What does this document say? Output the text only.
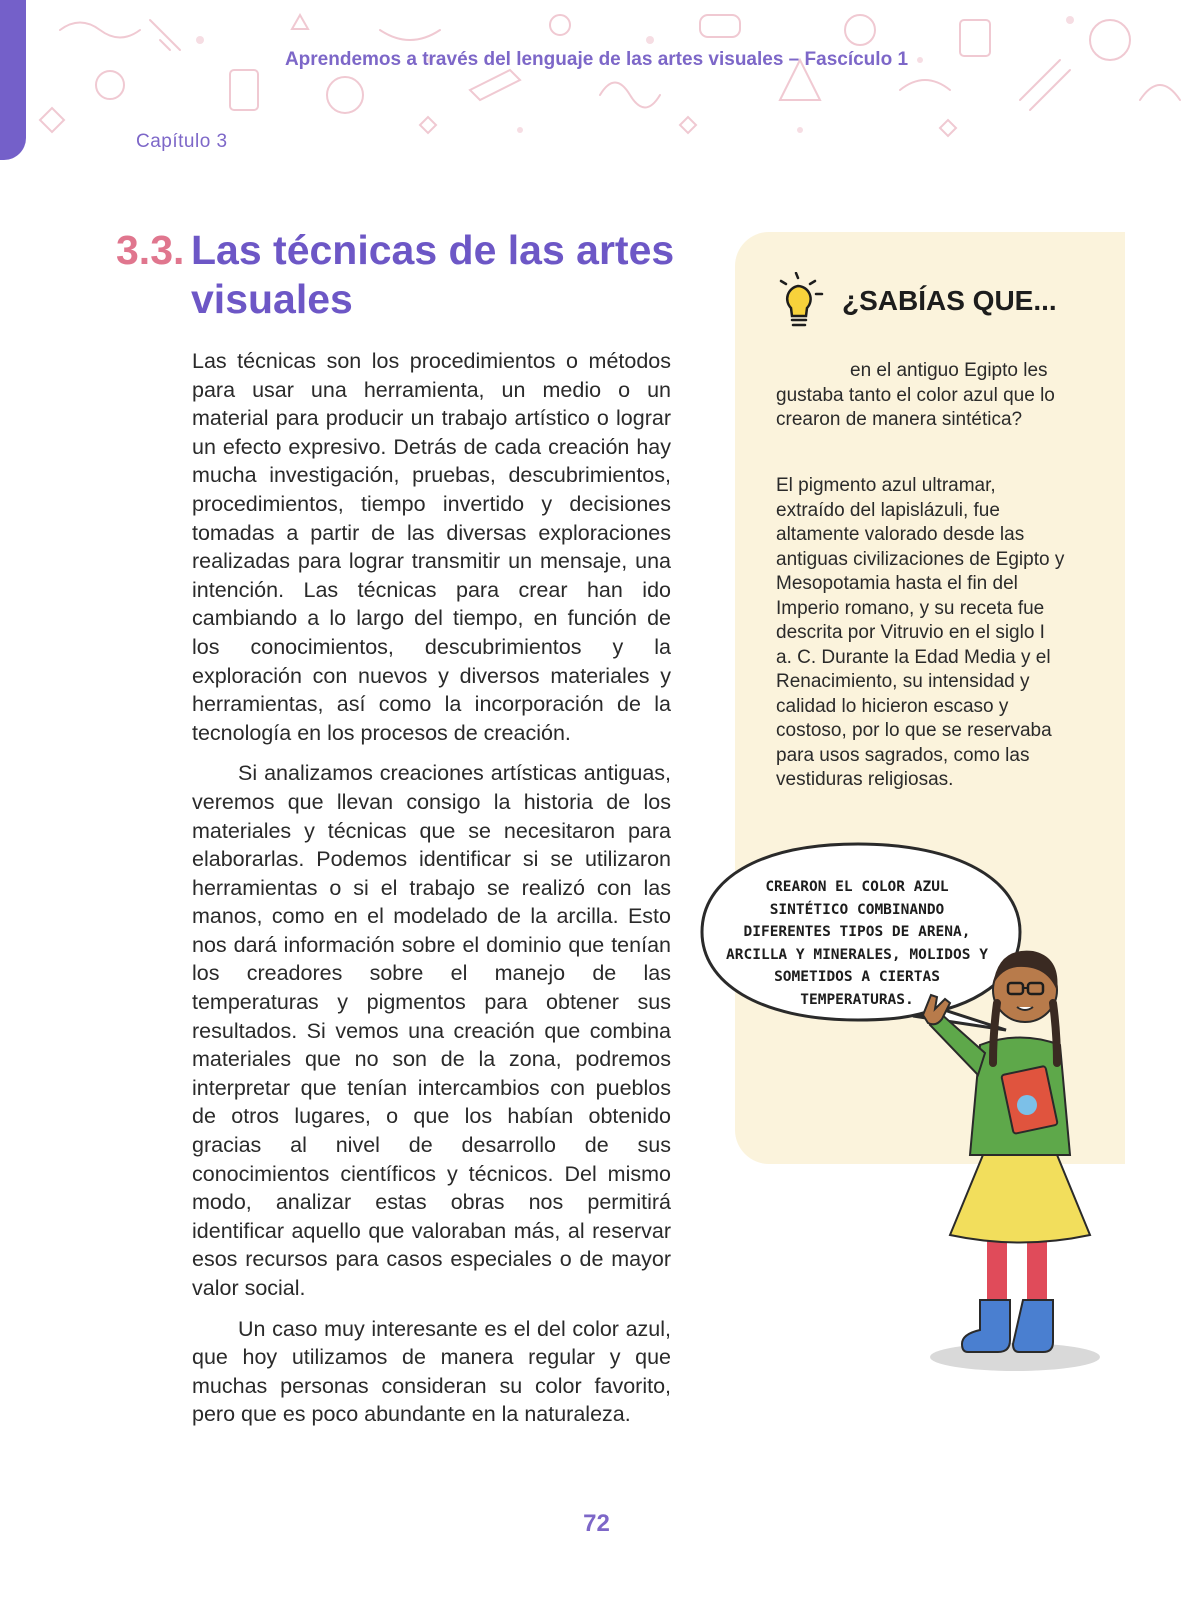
Aprendemos a través del lenguaje de las artes visuales – Fascículo 1
Capítulo 3
3.3. Las técnicas de las artes
visuales

Las técnicas son los procedimientos o métodos para usar una herramienta, un medio o un material para producir un trabajo artístico o lograr un efecto expresivo. Detrás de cada creación hay mucha investigación, pruebas, descubrimientos, procedimientos, tiempo invertido y decisiones tomadas a partir de las diversas exploraciones realizadas para lograr transmitir un mensaje, una intención. Las técnicas para crear han ido cambiando a lo largo del tiempo, en función de los conocimientos, descubrimientos y la exploración con nuevos y diversos materiales y herramientas, así como la incorporación de la tecnología en los procesos de creación.

Si analizamos creaciones artísticas antiguas, veremos que llevan consigo la historia de los materiales y técnicas que se necesitaron para elaborarlas. Podemos identificar si se utilizaron herramientas o si el trabajo se realizó con las manos, como en el modelado de la arcilla. Esto nos dará información sobre el dominio que tenían los creadores sobre el manejo de las temperaturas y pigmentos para obtener sus resultados. Si vemos una creación que combina materiales que no son de la zona, podremos interpretar que tenían intercambios con pueblos de otros lugares, o que los habían obtenido gracias al nivel de desarrollo de sus conocimientos científicos y técnicos. Del mismo modo, analizar estas obras nos permitirá identificar aquello que valoraban más, al reservar esos recursos para casos especiales o de mayor valor social.

Un caso muy interesante es el del color azul, que hoy utilizamos de manera regular y que muchas personas consideran su color favorito, pero que es poco abundante en la naturaleza.

¿SABÍAS QUE...
en el antiguo Egipto les gustaba tanto el color azul que lo crearon de manera sintética?
El pigmento azul ultramar, extraído del lapislázuli, fue altamente valorado desde las antiguas civilizaciones de Egipto y Mesopotamia hasta el fin del Imperio romano, y su receta fue descrita por Vitruvio en el siglo I a. C. Durante la Edad Media y el Renacimiento, su intensidad y calidad lo hicieron escaso y costoso, por lo que se reservaba para usos sagrados, como las vestiduras religiosas.
CREARON EL COLOR AZUL SINTÉTICO COMBINANDO DIFERENTES TIPOS DE ARENA, ARCILLA Y MINERALES, MOLIDOS Y SOMETIDOS A CIERTAS TEMPERATURAS.
72
